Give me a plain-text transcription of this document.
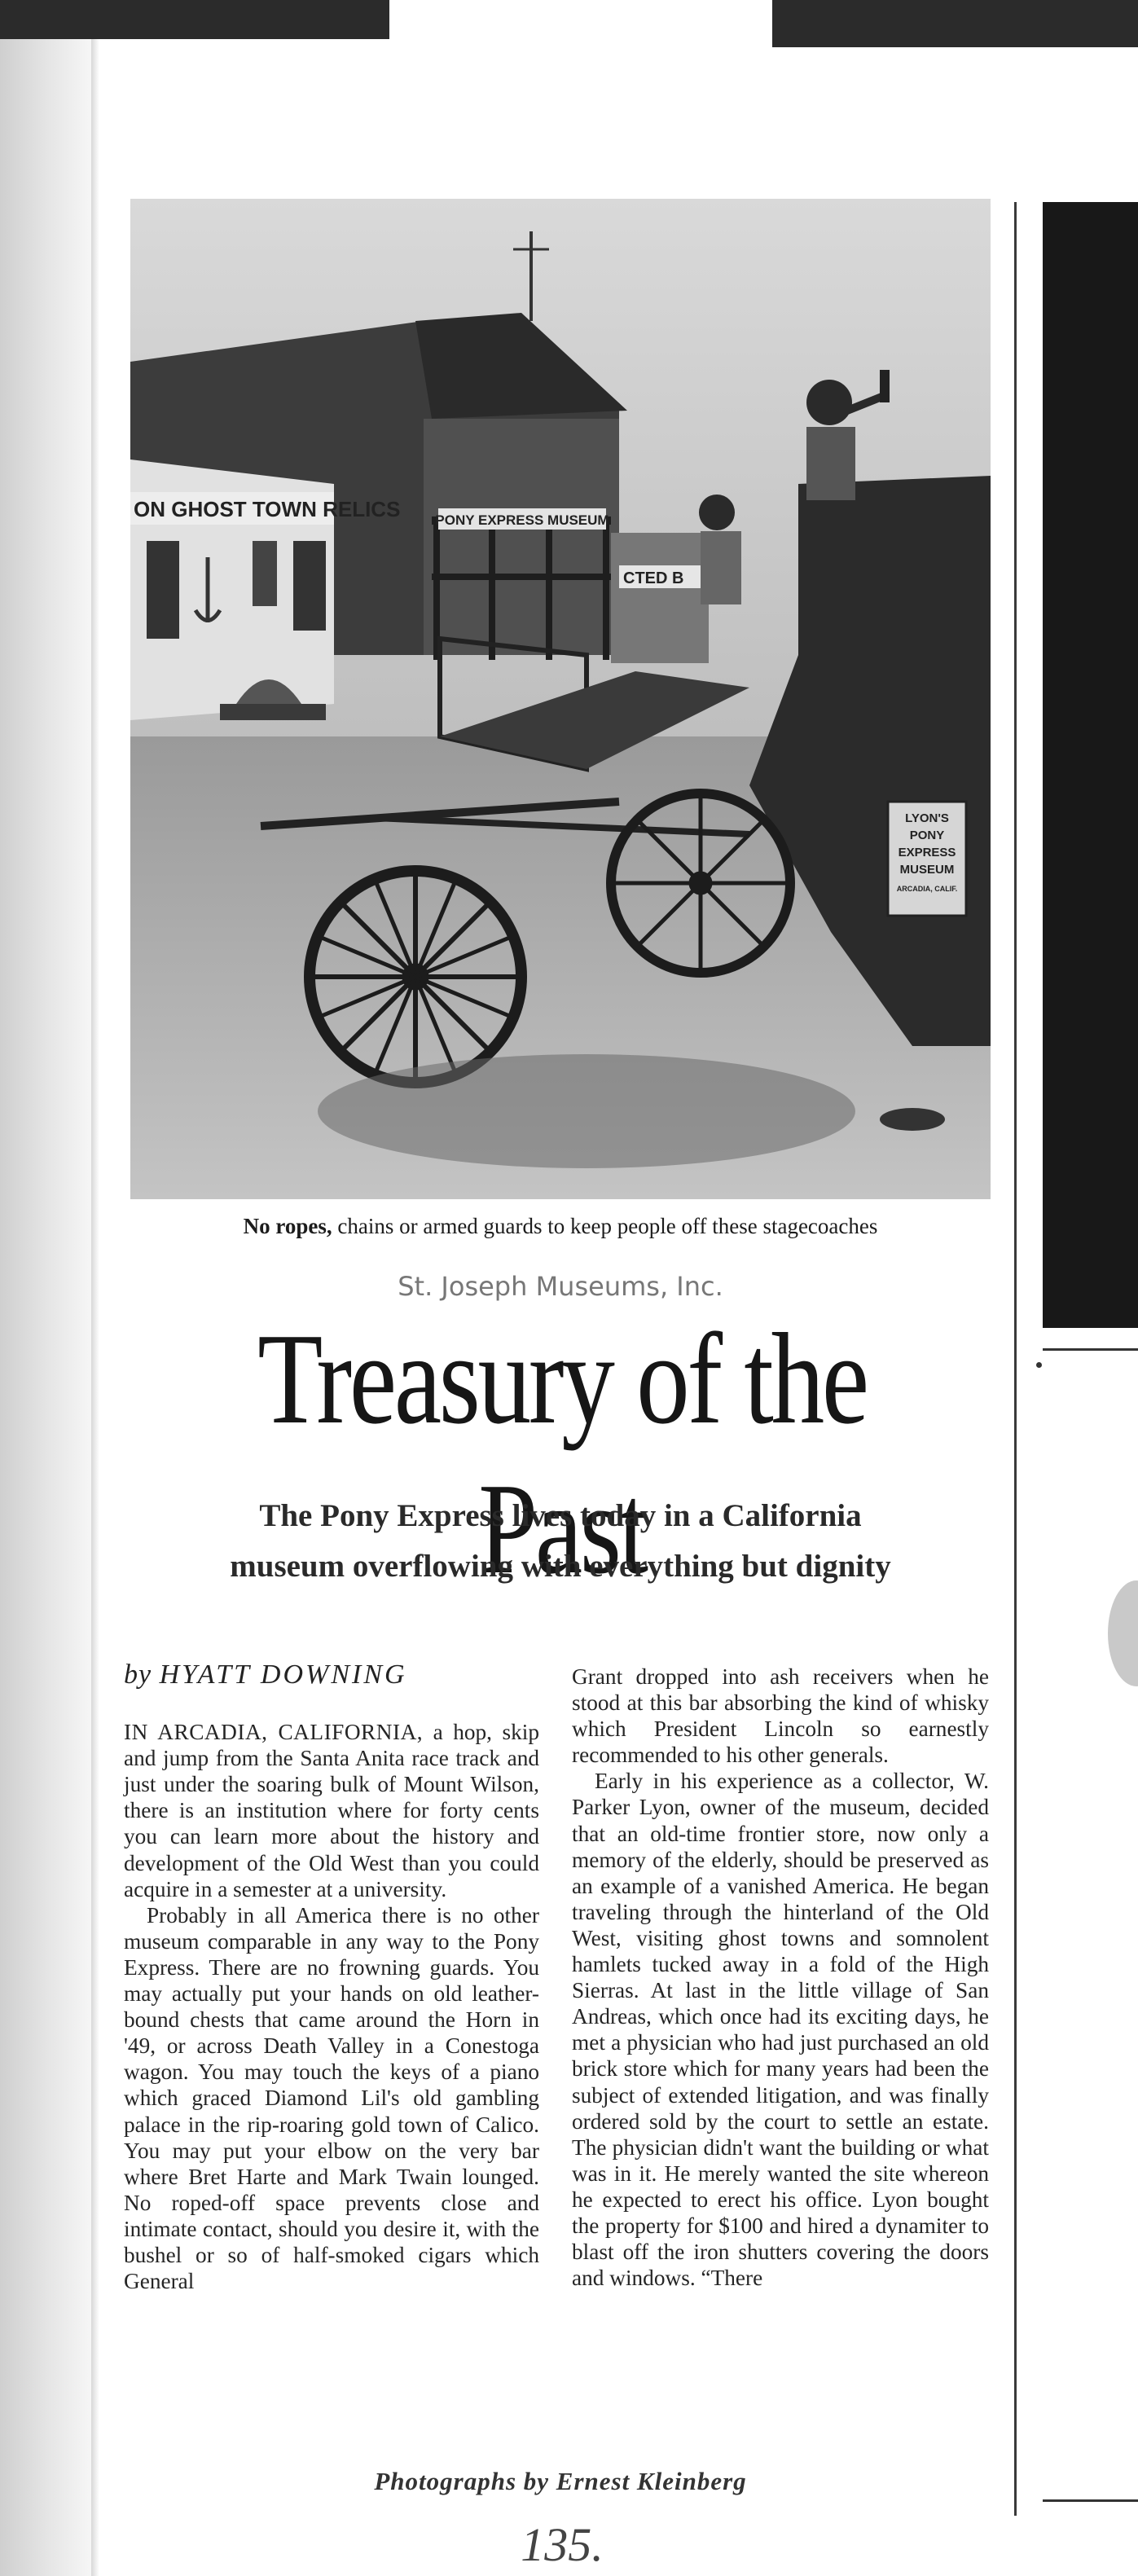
PONY EXPRESS MUSEUM
ON GHOST TOWN RELICS
CTED B
LYON'S
PONY
EXPRESS
MUSEUM
ARCADIA, CALIF.
No ropes, chains or armed guards to keep people off these stagecoaches
St. Joseph Museums, Inc.
Treasury of the Past
The Pony Express lives today in a California
museum overflowing with everything but dignity

by HYATT DOWNING

IN ARCADIA, CALIFORNIA, a hop, skip and jump from the Santa Anita race track and just under the soaring bulk of Mount Wilson, there is an institution where for forty cents you can learn more about the history and development of the Old West than you could acquire in a semester at a university.

Probably in all America there is no other museum comparable in any way to the Pony Express. There are no frowning guards. You may actually put your hands on old leather-bound chests that came around the Horn in '49, or across Death Valley in a Conestoga wagon. You may touch the keys of a piano which graced Diamond Lil's old gambling palace in the rip-roaring gold town of Calico. You may put your elbow on the very bar where Bret Harte and Mark Twain lounged. No roped-off space prevents close and intimate contact, should you desire it, with the bushel or so of half-smoked cigars which General

Grant dropped into ash receivers when he stood at this bar absorbing the kind of whisky which President Lincoln so earnestly recommended to his other generals.

Early in his experience as a collector, W. Parker Lyon, owner of the museum, decided that an old-time frontier store, now only a memory of the elderly, should be preserved as an example of a vanished America. He began traveling through the hinterland of the Old West, visiting ghost towns and somnolent hamlets tucked away in a fold of the High Sierras. At last in the little village of San Andreas, which once had its exciting days, he met a physician who had just purchased an old brick store which for many years had been the subject of extended litigation, and was finally ordered sold by the court to settle an estate. The physician didn't want the building or what was in it. He merely wanted the site whereon he expected to erect his office. Lyon bought the property for $100 and hired a dynamiter to blast off the iron shutters covering the doors and windows. “There

Photographs by Ernest Kleinberg
135.
